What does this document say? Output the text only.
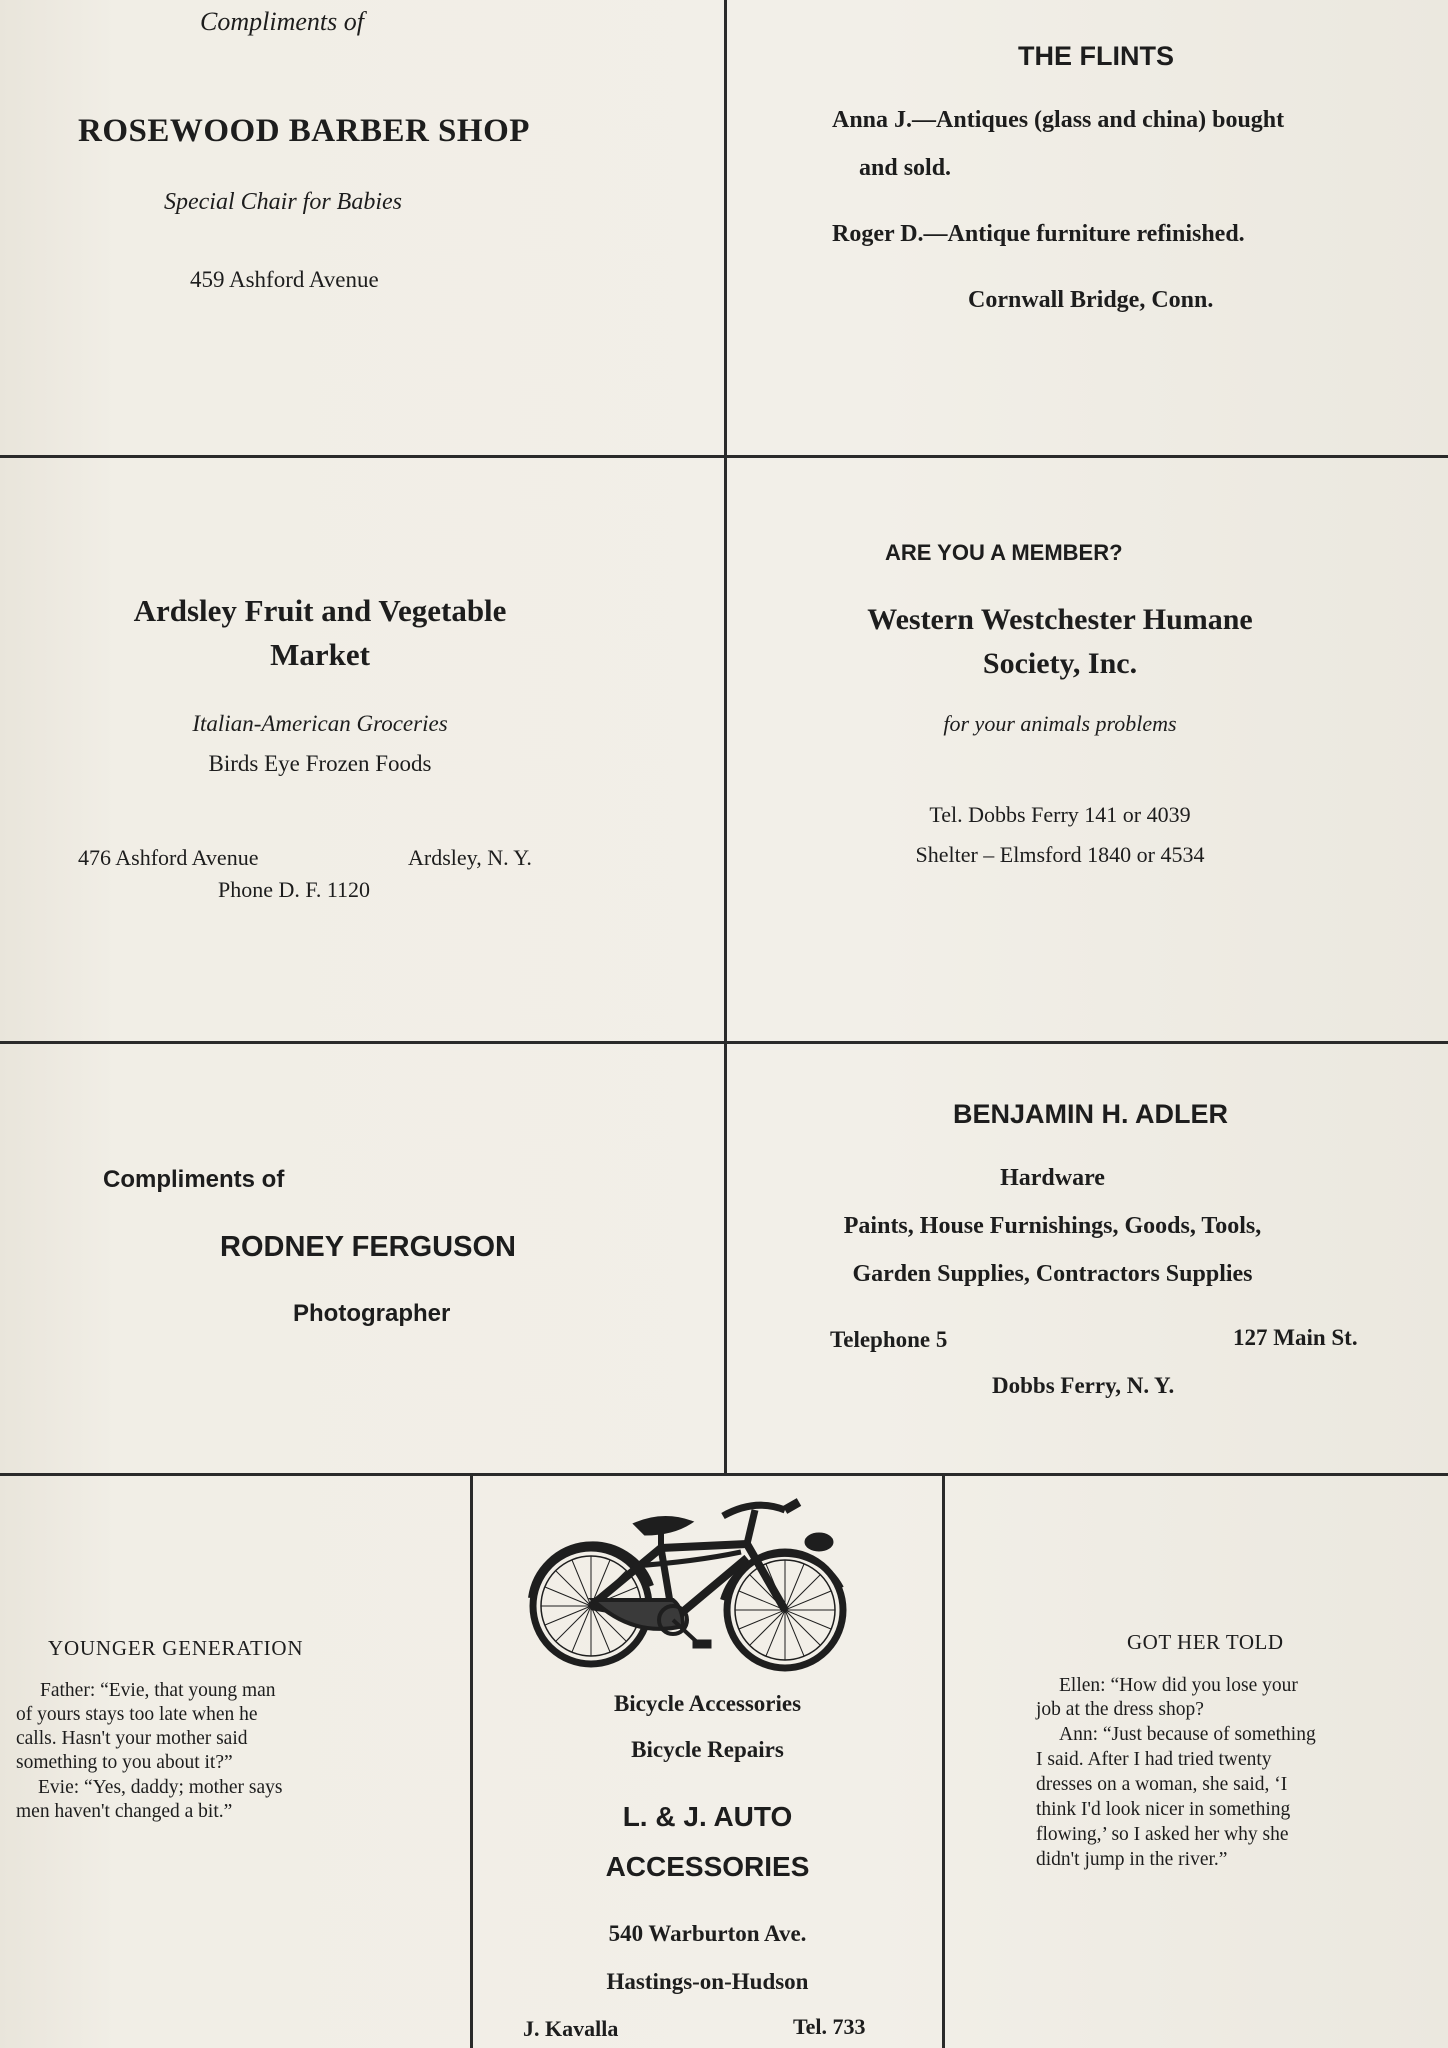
Compliments of
ROSEWOOD BARBER SHOP
Special Chair for Babies
459 Ashford Avenue
THE FLINTS
Anna J.—Antiques (glass and china) bought
and sold.
Roger D.—Antique furniture refinished.
Cornwall Bridge, Conn.
Ardsley Fruit and Vegetable
Market
Italian-American Groceries
Birds Eye Frozen Foods
476 Ashford Avenue	Ardsley, N. Y.
Phone D. F. 1120
ARE YOU A MEMBER?
Western Westchester Humane
Society, Inc.
for your animals problems
Tel. Dobbs Ferry 141 or 4039
Shelter – Elmsford 1840 or 4534
Compliments of
RODNEY FERGUSON
Photographer
BENJAMIN H. ADLER
Hardware
Paints, House Furnishings, Goods, Tools,
Garden Supplies, Contractors Supplies
Telephone 5	127 Main St.
Dobbs Ferry, N. Y.
YOUNGER GENERATION
Father: “Evie, that young man
of yours stays too late when he
calls. Hasn't your mother said
something to you about it?”
Evie: “Yes, daddy; mother says
men haven't changed a bit.”
Bicycle Accessories
Bicycle Repairs
L. & J. AUTO
ACCESSORIES
540 Warburton Ave.
Hastings-on-Hudson
J. Kavalla	Tel. 733
GOT HER TOLD
Ellen: “How did you lose your
job at the dress shop?
Ann: “Just because of something
I said. After I had tried twenty
dresses on a woman, she said, ‘I
think I'd look nicer in something
flowing,’ so I asked her why she
didn't jump in the river.”
